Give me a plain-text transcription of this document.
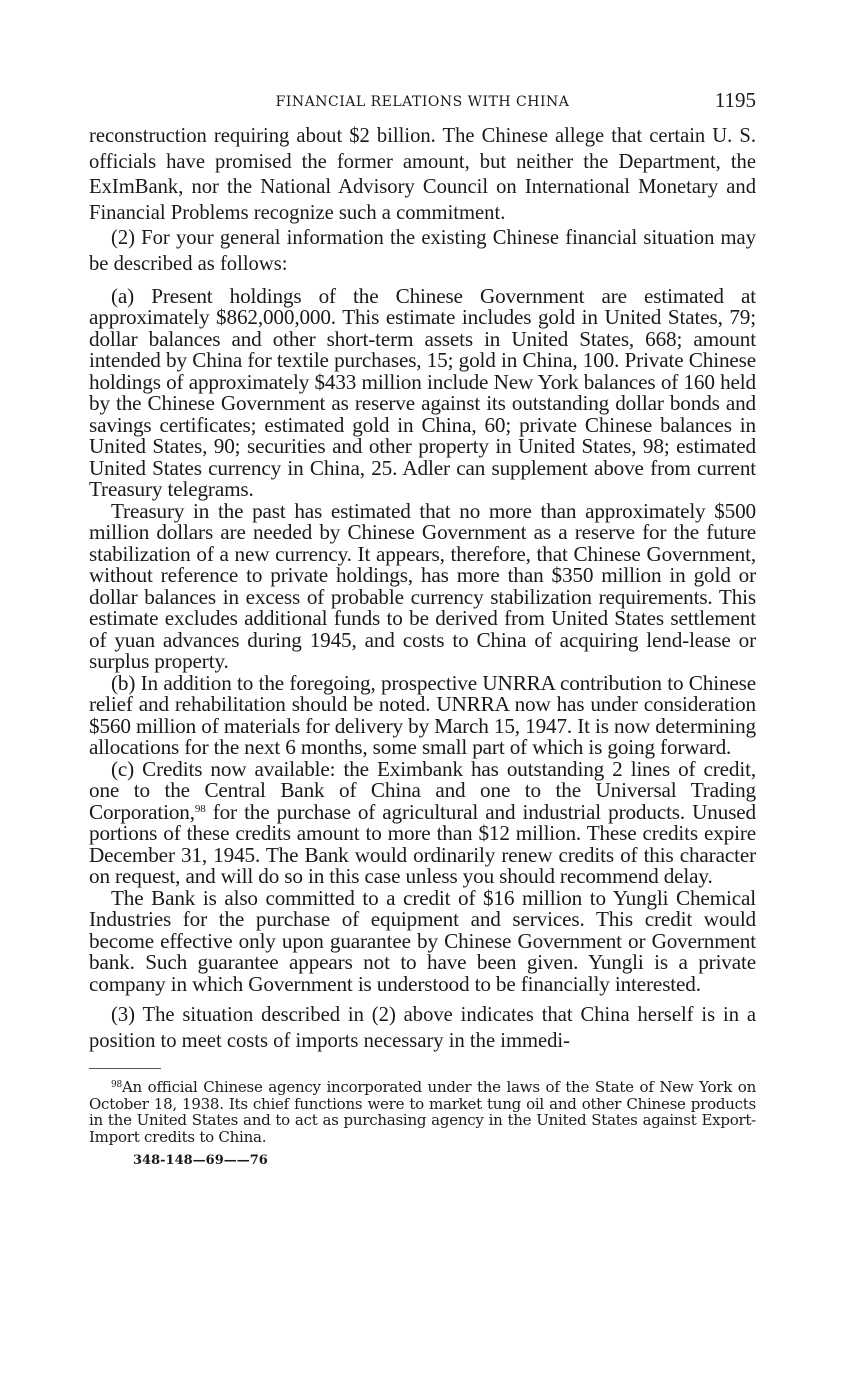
FINANCIAL RELATIONS WITH CHINA	1195

reconstruction requiring about $2 billion. The Chinese allege that certain U. S. officials have promised the former amount, but neither the Department, the ExImBank, nor the National Advisory Council on International Monetary and Financial Problems recognize such a commitment.

(2) For your general information the existing Chinese financial situation may be described as follows:

(a) Present holdings of the Chinese Government are estimated at approximately $862,000,000. This estimate includes gold in United States, 79; dollar balances and other short-term assets in United States, 668; amount intended by China for textile purchases, 15; gold in China, 100. Private Chinese holdings of approximately $433 million include New York balances of 160 held by the Chinese Government as reserve against its outstanding dollar bonds and savings certificates; estimated gold in China, 60; private Chinese balances in United States, 90; securities and other property in United States, 98; estimated United States currency in China, 25. Adler can supplement above from current Treasury telegrams.

Treasury in the past has estimated that no more than approximately $500 million dollars are needed by Chinese Government as a reserve for the future stabilization of a new currency. It appears, therefore, that Chinese Government, without reference to private holdings, has more than $350 million in gold or dollar balances in excess of probable currency stabilization requirements. This estimate excludes additional funds to be derived from United States settlement of yuan advances during 1945, and costs to China of acquiring lend-lease or surplus property.

(b) In addition to the foregoing, prospective UNRRA contribution to Chinese relief and rehabilitation should be noted. UNRRA now has under consideration $560 million of materials for delivery by March 15, 1947. It is now determining allocations for the next 6 months, some small part of which is going forward.

(c) Credits now available: the Eximbank has outstanding 2 lines of credit, one to the Central Bank of China and one to the Universal Trading Corporation,$^{98}$ for the purchase of agricultural and industrial products. Unused portions of these credits amount to more than $12 million. These credits expire December 31, 1945. The Bank would ordinarily renew credits of this character on request, and will do so in this case unless you should recommend delay.

The Bank is also committed to a credit of $16 million to Yungli Chemical Industries for the purchase of equipment and services. This credit would become effective only upon guarantee by Chinese Government or Government bank. Such guarantee appears not to have been given. Yungli is a private company in which Government is understood to be financially interested.

(3) The situation described in (2) above indicates that China herself is in a position to meet costs of imports necessary in the immedi-

$^{98}$An official Chinese agency incorporated under the laws of the State of New York on October 18, 1938. Its chief functions were to market tung oil and other Chinese products in the United States and to act as purchasing agency in the United States against Export-Import credits to China.

348-148—69——76
